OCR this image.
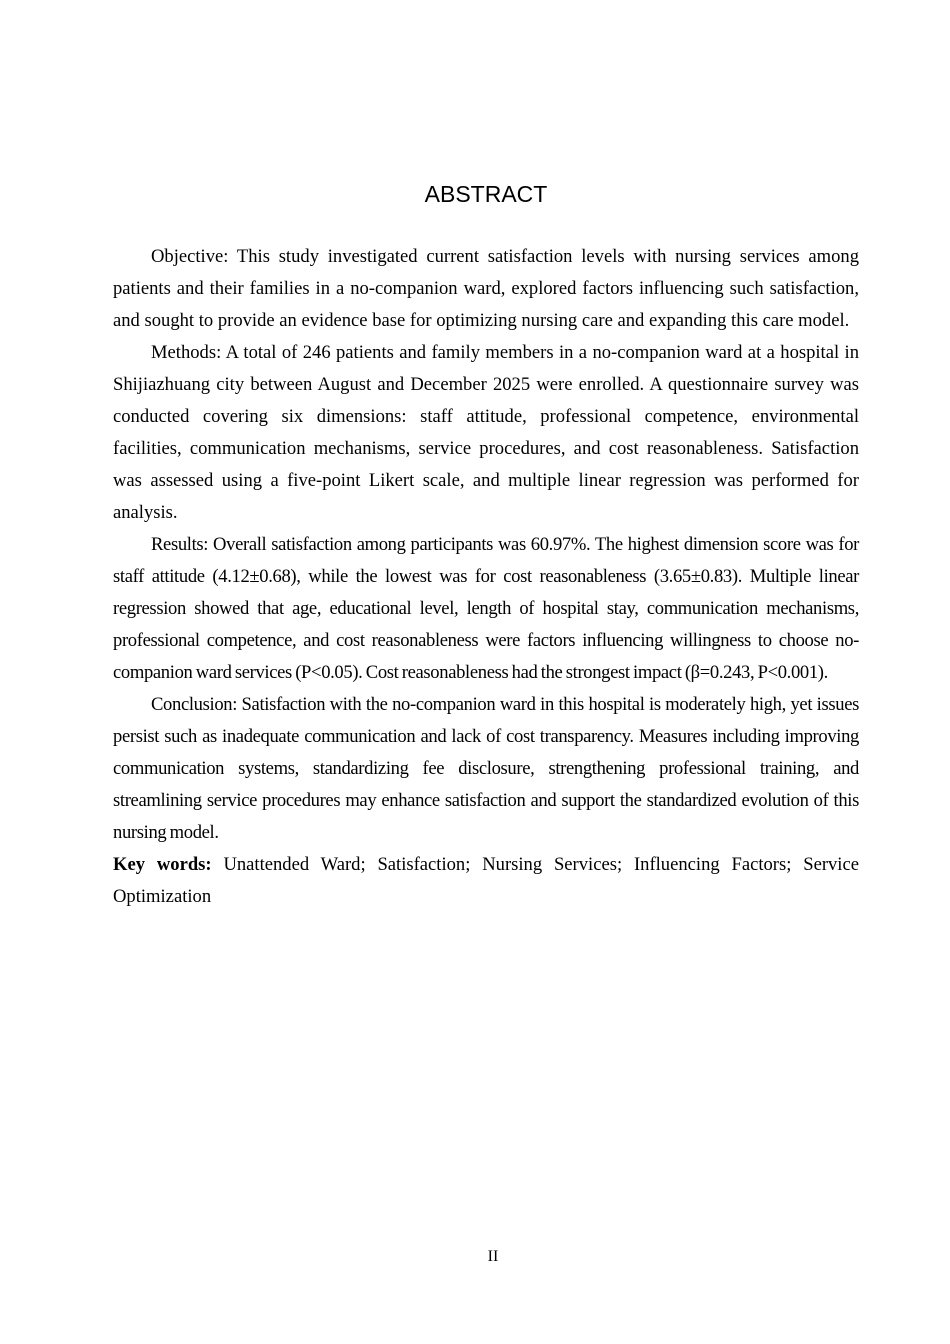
ABSTRACT

Objective: This study investigated current satisfaction levels with nursing services among patients and their families in a no-companion ward, explored factors influencing such satisfaction, and sought to provide an evidence base for optimizing nursing care and expanding this care model.

Methods: A total of 246 patients and family members in a no-companion ward at a hospital in Shijiazhuang city between August and December 2025 were enrolled. A questionnaire survey was conducted covering six dimensions: staff attitude, professional competence, environmental facilities, communication mechanisms, service procedures, and cost reasonableness. Satisfaction was assessed using a five-point Likert scale, and multiple linear regression was performed for analysis.

Results: Overall satisfaction among participants was 60.97%. The highest dimension score was for staff attitude (4.12±0.68), while the lowest was for cost reasonableness (3.65±0.83). Multiple linear regression showed that age, educational level, length of hospital stay, communication mechanisms, professional competence, and cost reasonableness were factors influencing willingness to choose no-companion ward services (P<0.05). Cost reasonableness had the strongest impact (β=0.243, P<0.001).

Conclusion: Satisfaction with the no-companion ward in this hospital is moderately high, yet issues persist such as inadequate communication and lack of cost transparency. Measures including improving communication systems, standardizing fee disclosure, strengthening professional training, and streamlining service procedures may enhance satisfaction and support the standardized evolution of this nursing model.

Key words: Unattended Ward; Satisfaction; Nursing Services; Influencing Factors; Service Optimization

II
